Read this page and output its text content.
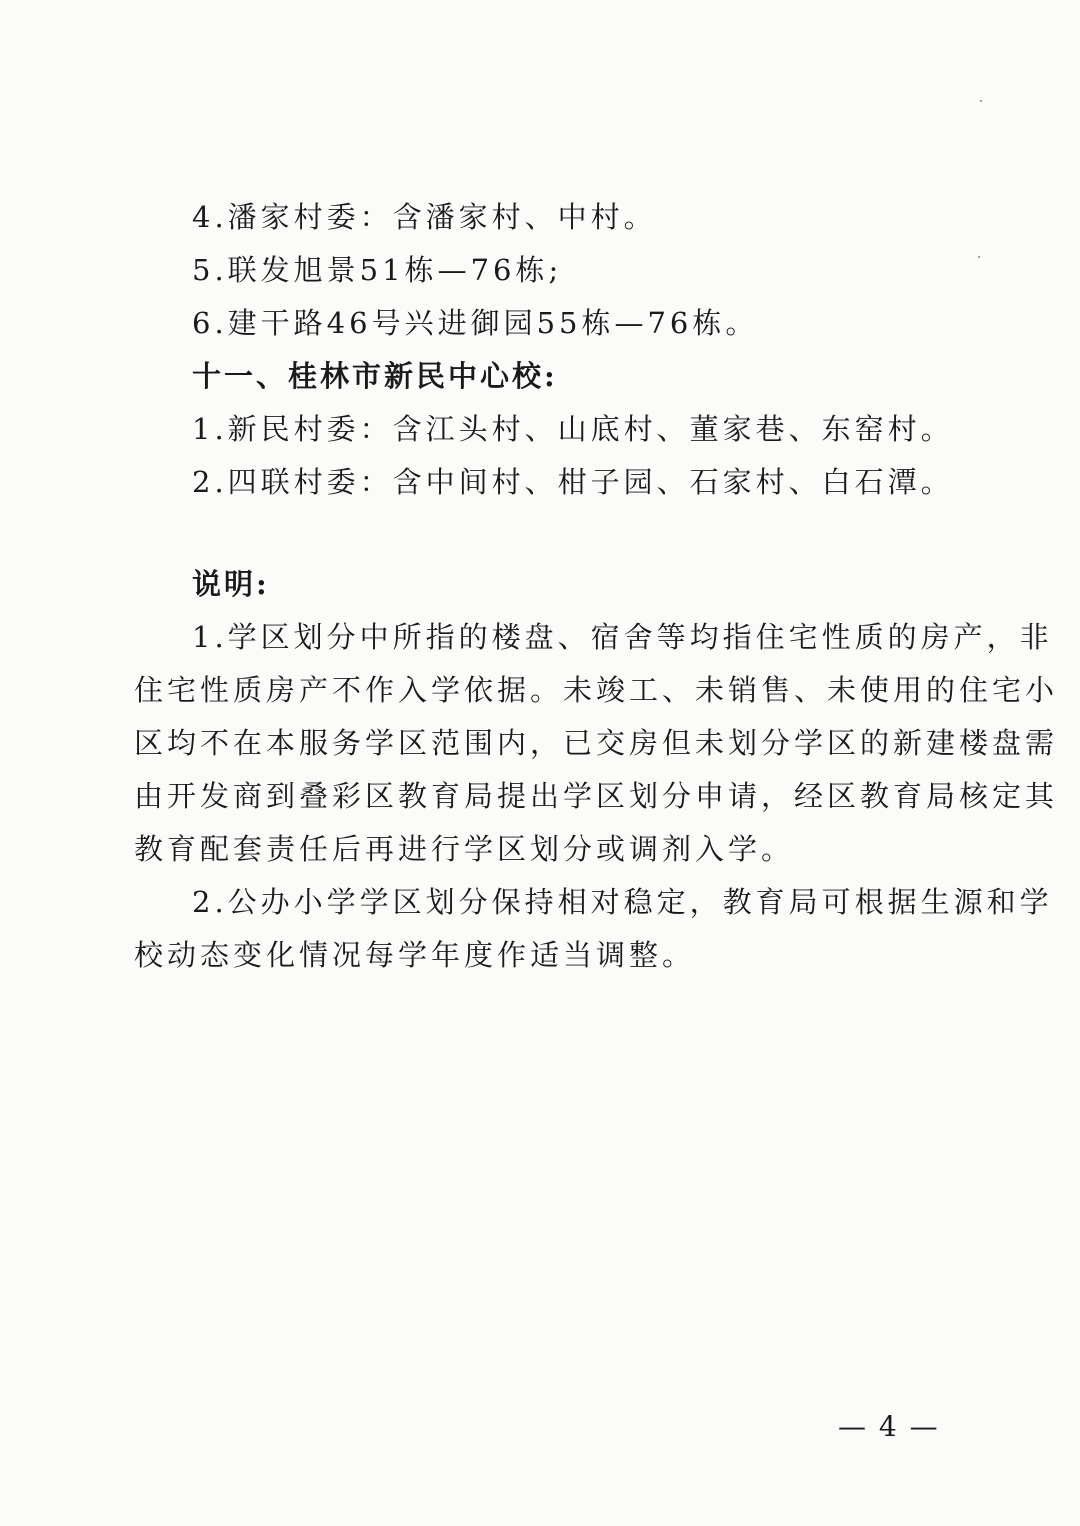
4.潘家村委：含潘家村、中村。
5.联发旭景51栋—76栋;
6.建干路46号兴进御园55栋—76栋。
十一、桂林市新民中心校:
1.新民村委：含江头村、山底村、董家巷、东窑村。
2.四联村委：含中间村、柑子园、石家村、白石潭。
说明:
1.学区划分中所指的楼盘、宿舍等均指住宅性质的房产，非
住宅性质房产不作入学依据。未竣工、未销售、未使用的住宅小
区均不在本服务学区范围内，已交房但未划分学区的新建楼盘需
由开发商到叠彩区教育局提出学区划分申请，经区教育局核定其
教育配套责任后再进行学区划分或调剂入学。
2.公办小学学区划分保持相对稳定，教育局可根据生源和学
校动态变化情况每学年度作适当调整。
— 4 —
